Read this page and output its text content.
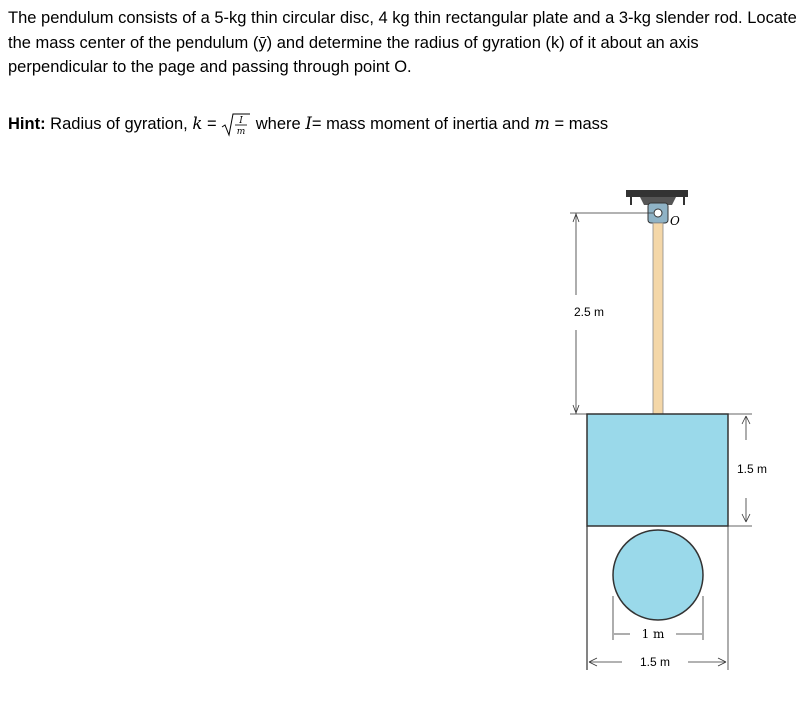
The pendulum consists of a 5-kg thin circular disc, 4 kg thin rectangular plate and a 3-kg slender rod. Locate the mass center of the pendulum (ȳ) and determine the radius of gyration (k) of it about an axis perpendicular to the page and passing through point O.

Hint: Radius of gyration, k =	I
m where I= mass moment of inertia and m = mass
O
2.5 m
1.5 m
1 m
1.5 m
